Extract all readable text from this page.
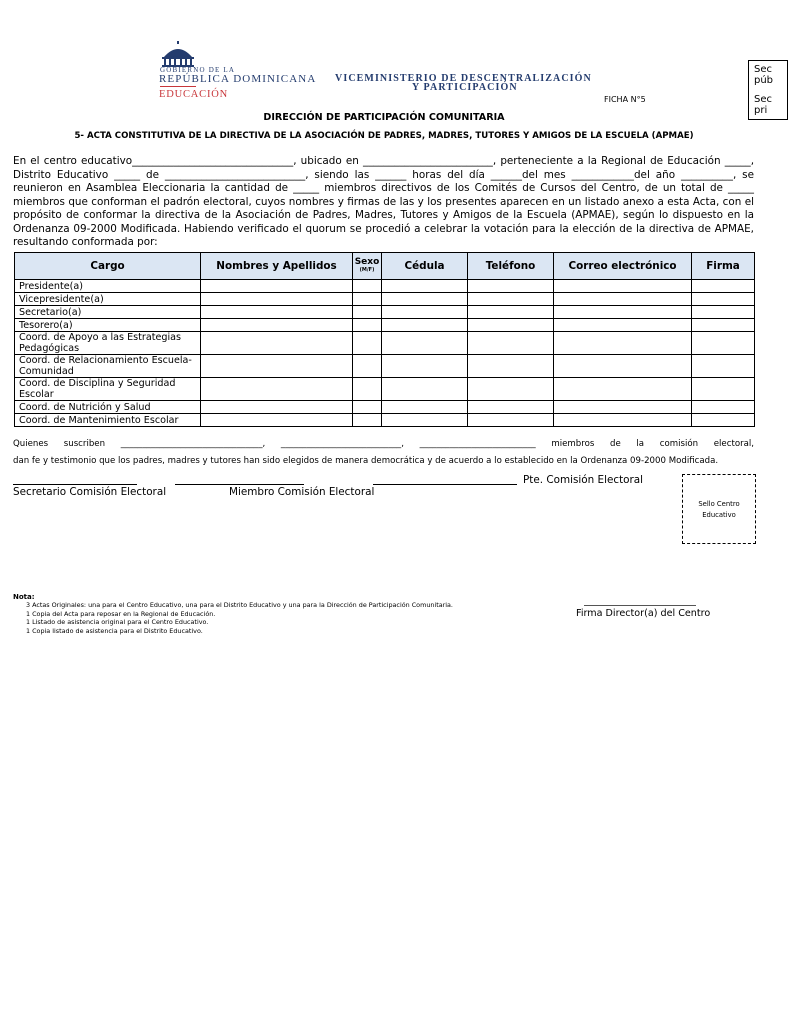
GOBIERNO DE LA
REPÚBLICA DOMINICANA
EDUCACIÓN
VICEMINISTERIO DE DESCENTRALIZACIÓN
Y PARTICIPACIÓN
FICHA N°5

Sec
púb

Sec
pri

DIRECCIÓN DE PARTICIPACIÓN COMUNITARIA
5- ACTA CONSTITUTIVA DE LA DIRECTIVA DE LA ASOCIACIÓN DE PADRES, MADRES, TUTORES Y AMIGOS DE LA ESCUELA (APMAE)
En el centro educativo_______________________________, ubicado en _________________________, perteneciente a la Regional de Educación _____, Distrito Educativo _____ de ___________________________, siendo las ______ horas del día ______del mes ____________del año __________, se reunieron en Asamblea Eleccionaria la cantidad de _____ miembros directivos de los Comités de Cursos del Centro, de un total de _____ miembros que conforman el padrón electoral, cuyos nombres y firmas de las y los presentes aparecen en un listado anexo a esta Acta, con el propósito de conformar la directiva de la Asociación de Padres, Madres, Tutores y Amigos de la Escuela (APMAE), según lo dispuesto en la Ordenanza 09-2000 Modificada. Habiendo verificado el quorum se procedió a celebrar la votación para la elección de la directiva de APMAE, resultando conformada por:
Cargo	Nombres y Apellidos	Sexo
(M/F)	Cédula	Teléfono	Correo electrónico	Firma
Presidente(a)						
Vicepresidente(a)						
Secretario(a)						
Tesorero(a)						
Coord. de Apoyo a las Estrategias Pedagógicas						
Coord. de Relacionamiento Escuela-Comunidad						
Coord. de Disciplina y Seguridad Escolar						
Coord. de Nutrición y Salud						
Coord. de Mantenimiento Escolar						
Quienes suscriben _________________________________, ____________________________, ___________________________ miembros de la comisión electoral,
dan fe y testimonio que los padres, madres y tutores han sido elegidos de manera democrática y de acuerdo a lo establecido en la Ordenanza 09-2000 Modificada.
Pte. Comisión Electoral
Secretario Comisión Electoral	Miembro Comisión Electoral
Sello Centro
Educativo
Nota:
3 Actas Originales: una para el Centro Educativo, una para el Distrito Educativo y una para la Dirección de Participación Comunitaria.
1 Copia del Acta para reposar en la Regional de Educación.
1 Listado de asistencia original para el Centro Educativo.
1 Copia listado de asistencia para el Distrito Educativo.
Firma Director(a) del Centro
